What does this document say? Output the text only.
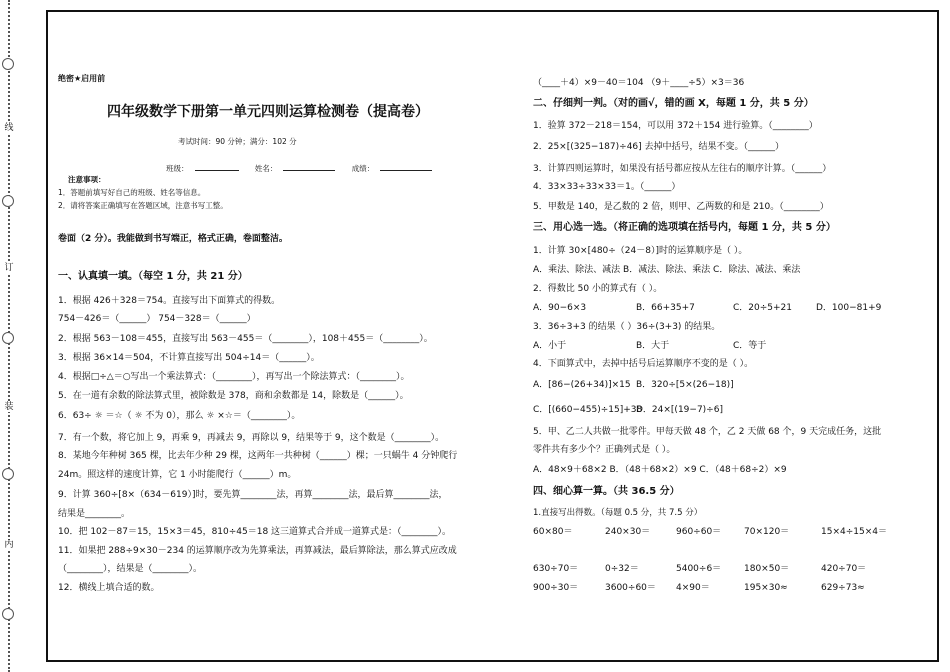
线
订
装
内
绝密★启用前
四年级数学下册第一单元四则运算检测卷（提高卷）
考试时间：90 分钟；满分：102 分
班级：	姓名：	成绩：
注意事项：
1．答题前填写好自己的班级、姓名等信息。
2．请将答案正确填写在答题区域，注意书写工整。
卷面（2 分）。我能做到书写端正，格式正确，卷面整洁。
一、认真填一填。（每空 1 分，共 21 分）
1．根据 426＋328＝754。直接写出下面算式的得数。
754－426＝（______） 754－328＝（______）
2．根据 563－108＝455，直接写出 563－455＝（________），108＋455＝（________）。
3．根据 36×14＝504，不计算直接写出 504÷14＝（______）。
4．根据□÷△＝○写出一个乘法算式：（________），再写出一个除法算式：（________）。
5．在一道有余数的除法算式里，被除数是 378，商和余数都是 14，除数是（______）。
6．63÷ ☼ ＝☆（ ☼ 不为 0），那么 ☼ ×☆＝（________）。
7．有一个数，将它加上 9，再乘 9，再减去 9，再除以 9，结果等于 9，这个数是（________）。
8．某地今年种树 365 棵，比去年少种 29 棵，这两年一共种树（______）棵；一只蜗牛 4 分钟爬行
24m。照这样的速度计算，它 1 小时能爬行（______）m。
9．计算 360÷[8×（634－619）]时，要先算________法，再算________法，最后算________法，
结果是________。
10．把 102－87＝15，15×3＝45，810÷45＝18 这三道算式合并成一道算式是：（________）。
11．如果把 288÷9×30－234 的运算顺序改为先算乘法，再算减法，最后算除法，那么算式应改成
（________），结果是（________）。
12．横线上填合适的数。
（____＋4）×9－40＝104 （9＋____÷5）×3＝36
二、仔细判一判。（对的画√，错的画 X，每题 1 分，共 5 分）
1．验算 372－218＝154，可以用 372＋154 进行验算。（________）
2．25×[(325−187)÷46] 去掉中括号，结果不变。（______）
3．计算四则运算时，如果没有括号都应按从左往右的顺序计算。（______）
4．33×33÷33×33＝1。（______）
5．甲数是 140，是乙数的 2 倍，则甲、乙两数的和是 210。（________）
三、用心选一选。（将正确的选项填在括号内，每题 1 分，共 5 分）
1．计算 30×[480÷（24－8）]时的运算顺序是（ ）。
A．乘法、除法、减法 B．减法、除法、乘法 C．除法、减法、乘法
2．得数比 50 小的算式有（ ）。
A．90−6×3	B．66+35+7	C．20÷5+21	D．100−81+9
3．36÷3+3 的结果（ ）36÷(3+3) 的结果。
A．小于	B．大于	C．等于
4．下面算式中，去掉中括号后运算顺序不变的是（ ）。
A．[86−(26+34)]×15 B．320÷[5×(26−18)]
C．[(660−455)÷15]+38
D．24×[(19−7)÷6]
5．甲、乙二人共做一批零件。甲每天做 48 个，乙 2 天做 68 个，9 天完成任务，这批
零件共有多少个？正确列式是（ ）。
A．48×9＋68×2 B．（48＋68×2）×9 C．（48＋68÷2）×9
四、细心算一算。（共 36.5 分）
1.直接写出得数。（每题 0.5 分，共 7.5 分）
60×80＝	240×30＝	960÷60＝	70×120＝	15×4÷15×4＝
630÷70＝	0÷32＝	5400÷6＝	180×50＝	420÷70＝
900÷30＝	3600÷60＝ 4×90＝	195×30≈	629÷73≈
